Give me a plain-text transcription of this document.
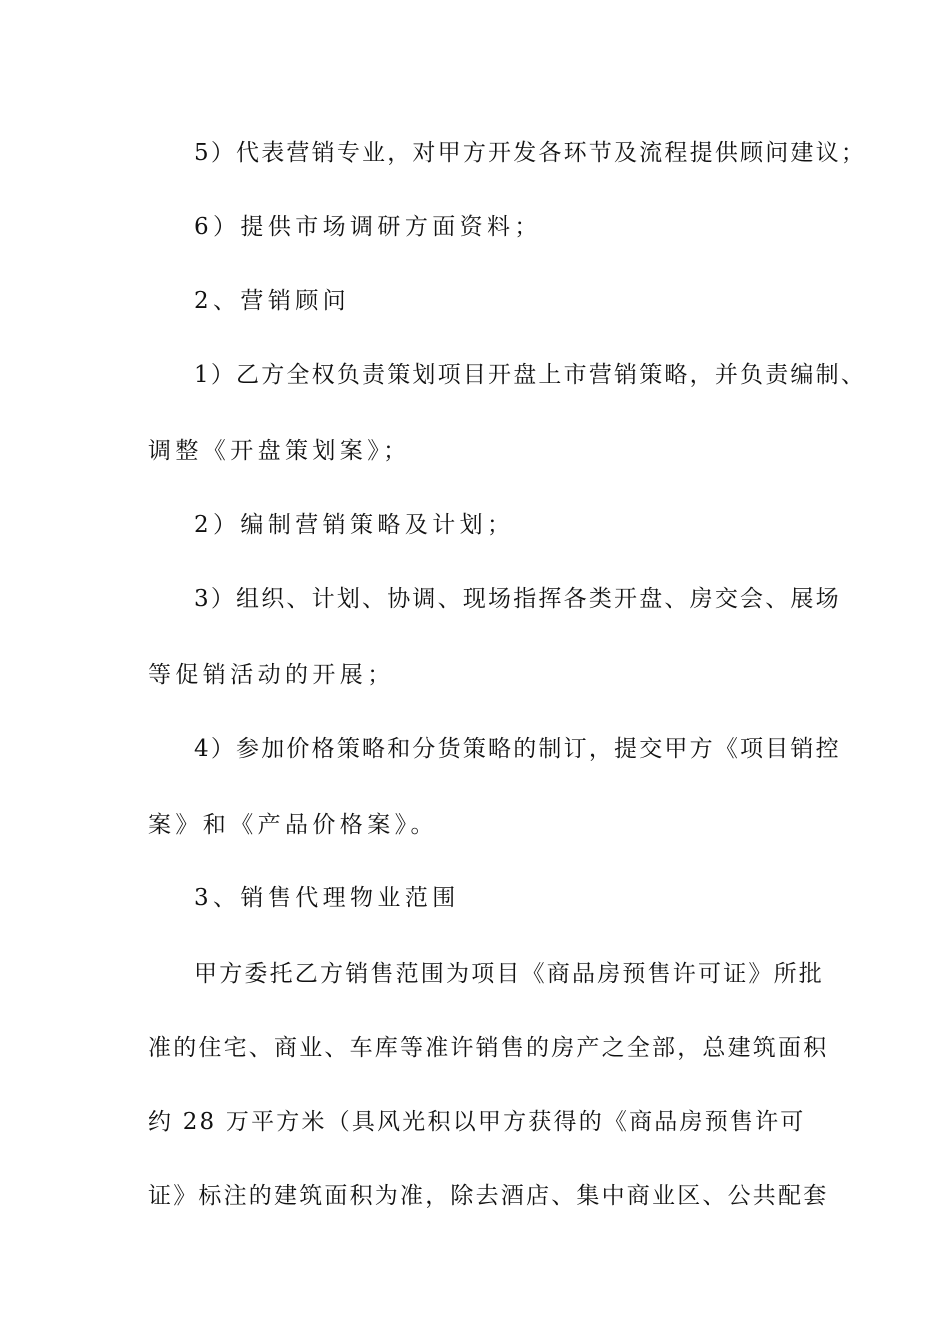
5）代表营销专业，对甲方开发各环节及流程提供顾问建议；
6）提供市场调研方面资料；
2、营销顾问
1）乙方全权负责策划项目开盘上市营销策略，并负责编制、
调整《开盘策划案》；
2）编制营销策略及计划；
3）组织、计划、协调、现场指挥各类开盘、房交会、展场
等促销活动的开展；
4）参加价格策略和分货策略的制订，提交甲方《项目销控
案》和《产品价格案》。
3、销售代理物业范围
甲方委托乙方销售范围为项目《商品房预售许可证》所批
准的住宅、商业、车库等准许销售的房产之全部，总建筑面积
约 28 万平方米（具风光积以甲方获得的《商品房预售许可
证》标注的建筑面积为准，除去酒店、集中商业区、公共配套
